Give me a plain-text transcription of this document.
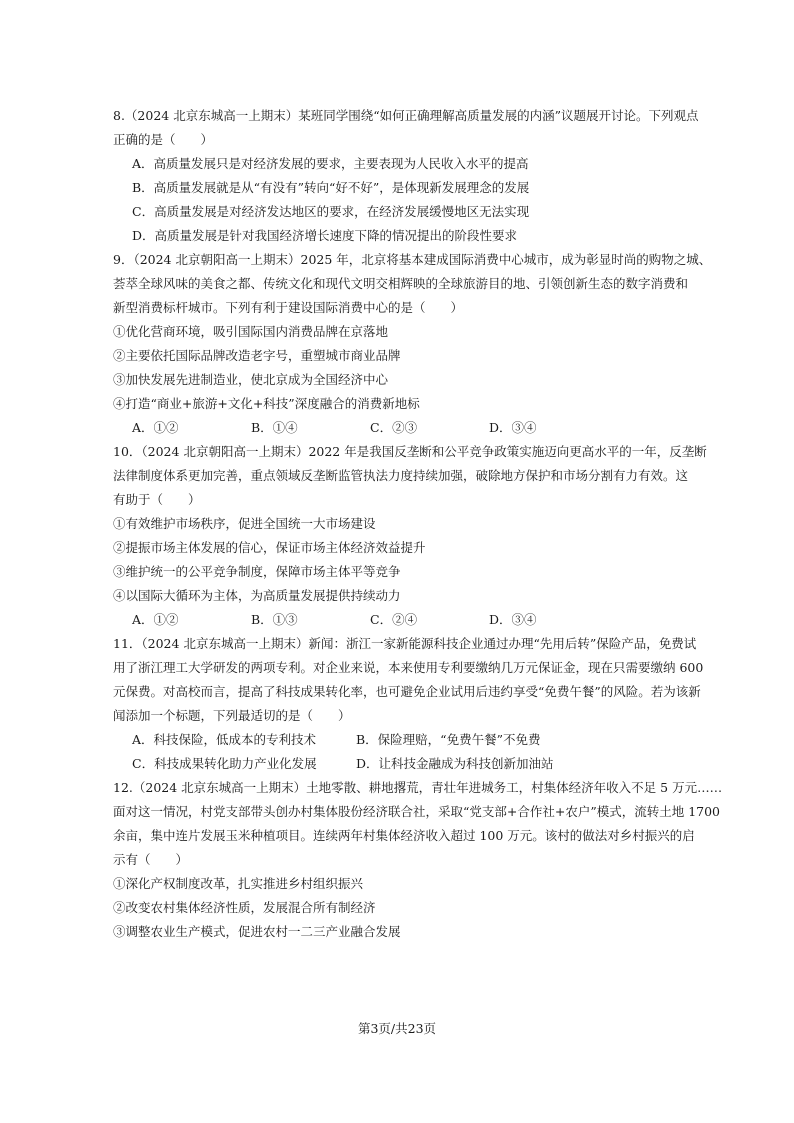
8.（2024 北京东城高一上期末）某班同学围绕“如何正确理解高质量发展的内涵”议题展开讨论。下列观点
正确的是（　　）
A．高质量发展只是对经济发展的要求，主要表现为人民收入水平的提高
B．高质量发展就是从“有没有”转向“好不好”，是体现新发展理念的发展
C．高质量发展是对经济发达地区的要求，在经济发展缓慢地区无法实现
D．高质量发展是针对我国经济增长速度下降的情况提出的阶段性要求
9．（2024 北京朝阳高一上期末）2025 年，北京将基本建成国际消费中心城市，成为彰显时尚的购物之城、
荟萃全球风味的美食之都、传统文化和现代文明交相辉映的全球旅游目的地、引领创新生态的数字消费和
新型消费标杆城市。下列有利于建设国际消费中心的是（　　）
①优化营商环境，吸引国际国内消费品牌在京落地
②主要依托国际品牌改造老字号，重塑城市商业品牌
③加快发展先进制造业，使北京成为全国经济中心
④打造“商业+旅游+文化+科技”深度融合的消费新地标
A．①②	B．①④	C．②③	D．③④
10．（2024 北京朝阳高一上期末）2022 年是我国反垄断和公平竞争政策实施迈向更高水平的一年，反垄断
法律制度体系更加完善，重点领域反垄断监管执法力度持续加强，破除地方保护和市场分割有力有效。这
有助于（　　）
①有效维护市场秩序，促进全国统一大市场建设
②提振市场主体发展的信心，保证市场主体经济效益提升
③维护统一的公平竞争制度，保障市场主体平等竞争
④以国际大循环为主体，为高质量发展提供持续动力
A．①②	B．①③	C．②④	D．③④
11．（2024 北京东城高一上期末）新闻：浙江一家新能源科技企业通过办理“先用后转”保险产品，免费试
用了浙江理工大学研发的两项专利。对企业来说，本来使用专利要缴纳几万元保证金，现在只需要缴纳 600
元保费。对高校而言，提高了科技成果转化率，也可避免企业试用后违约享受“免费午餐”的风险。若为该新
闻添加一个标题，下列最适切的是（　　）
A．科技保险，低成本的专利技术	B．保险理赔，“免费午餐”不免费
C．科技成果转化助力产业化发展	D．让科技金融成为科技创新加油站
12.（2024 北京东城高一上期末）土地零散、耕地撂荒，青壮年进城务工，村集体经济年收入不足 5 万元……
面对这一情况，村党支部带头创办村集体股份经济联合社，采取“党支部+合作社+农户”模式，流转土地 1700
余亩，集中连片发展玉米种植项目。连续两年村集体经济收入超过 100 万元。该村的做法对乡村振兴的启
示有（　　）
①深化产权制度改革，扎实推进乡村组织振兴
②改变农村集体经济性质，发展混合所有制经济
③调整农业生产模式，促进农村一二三产业融合发展
第3页/共23页
